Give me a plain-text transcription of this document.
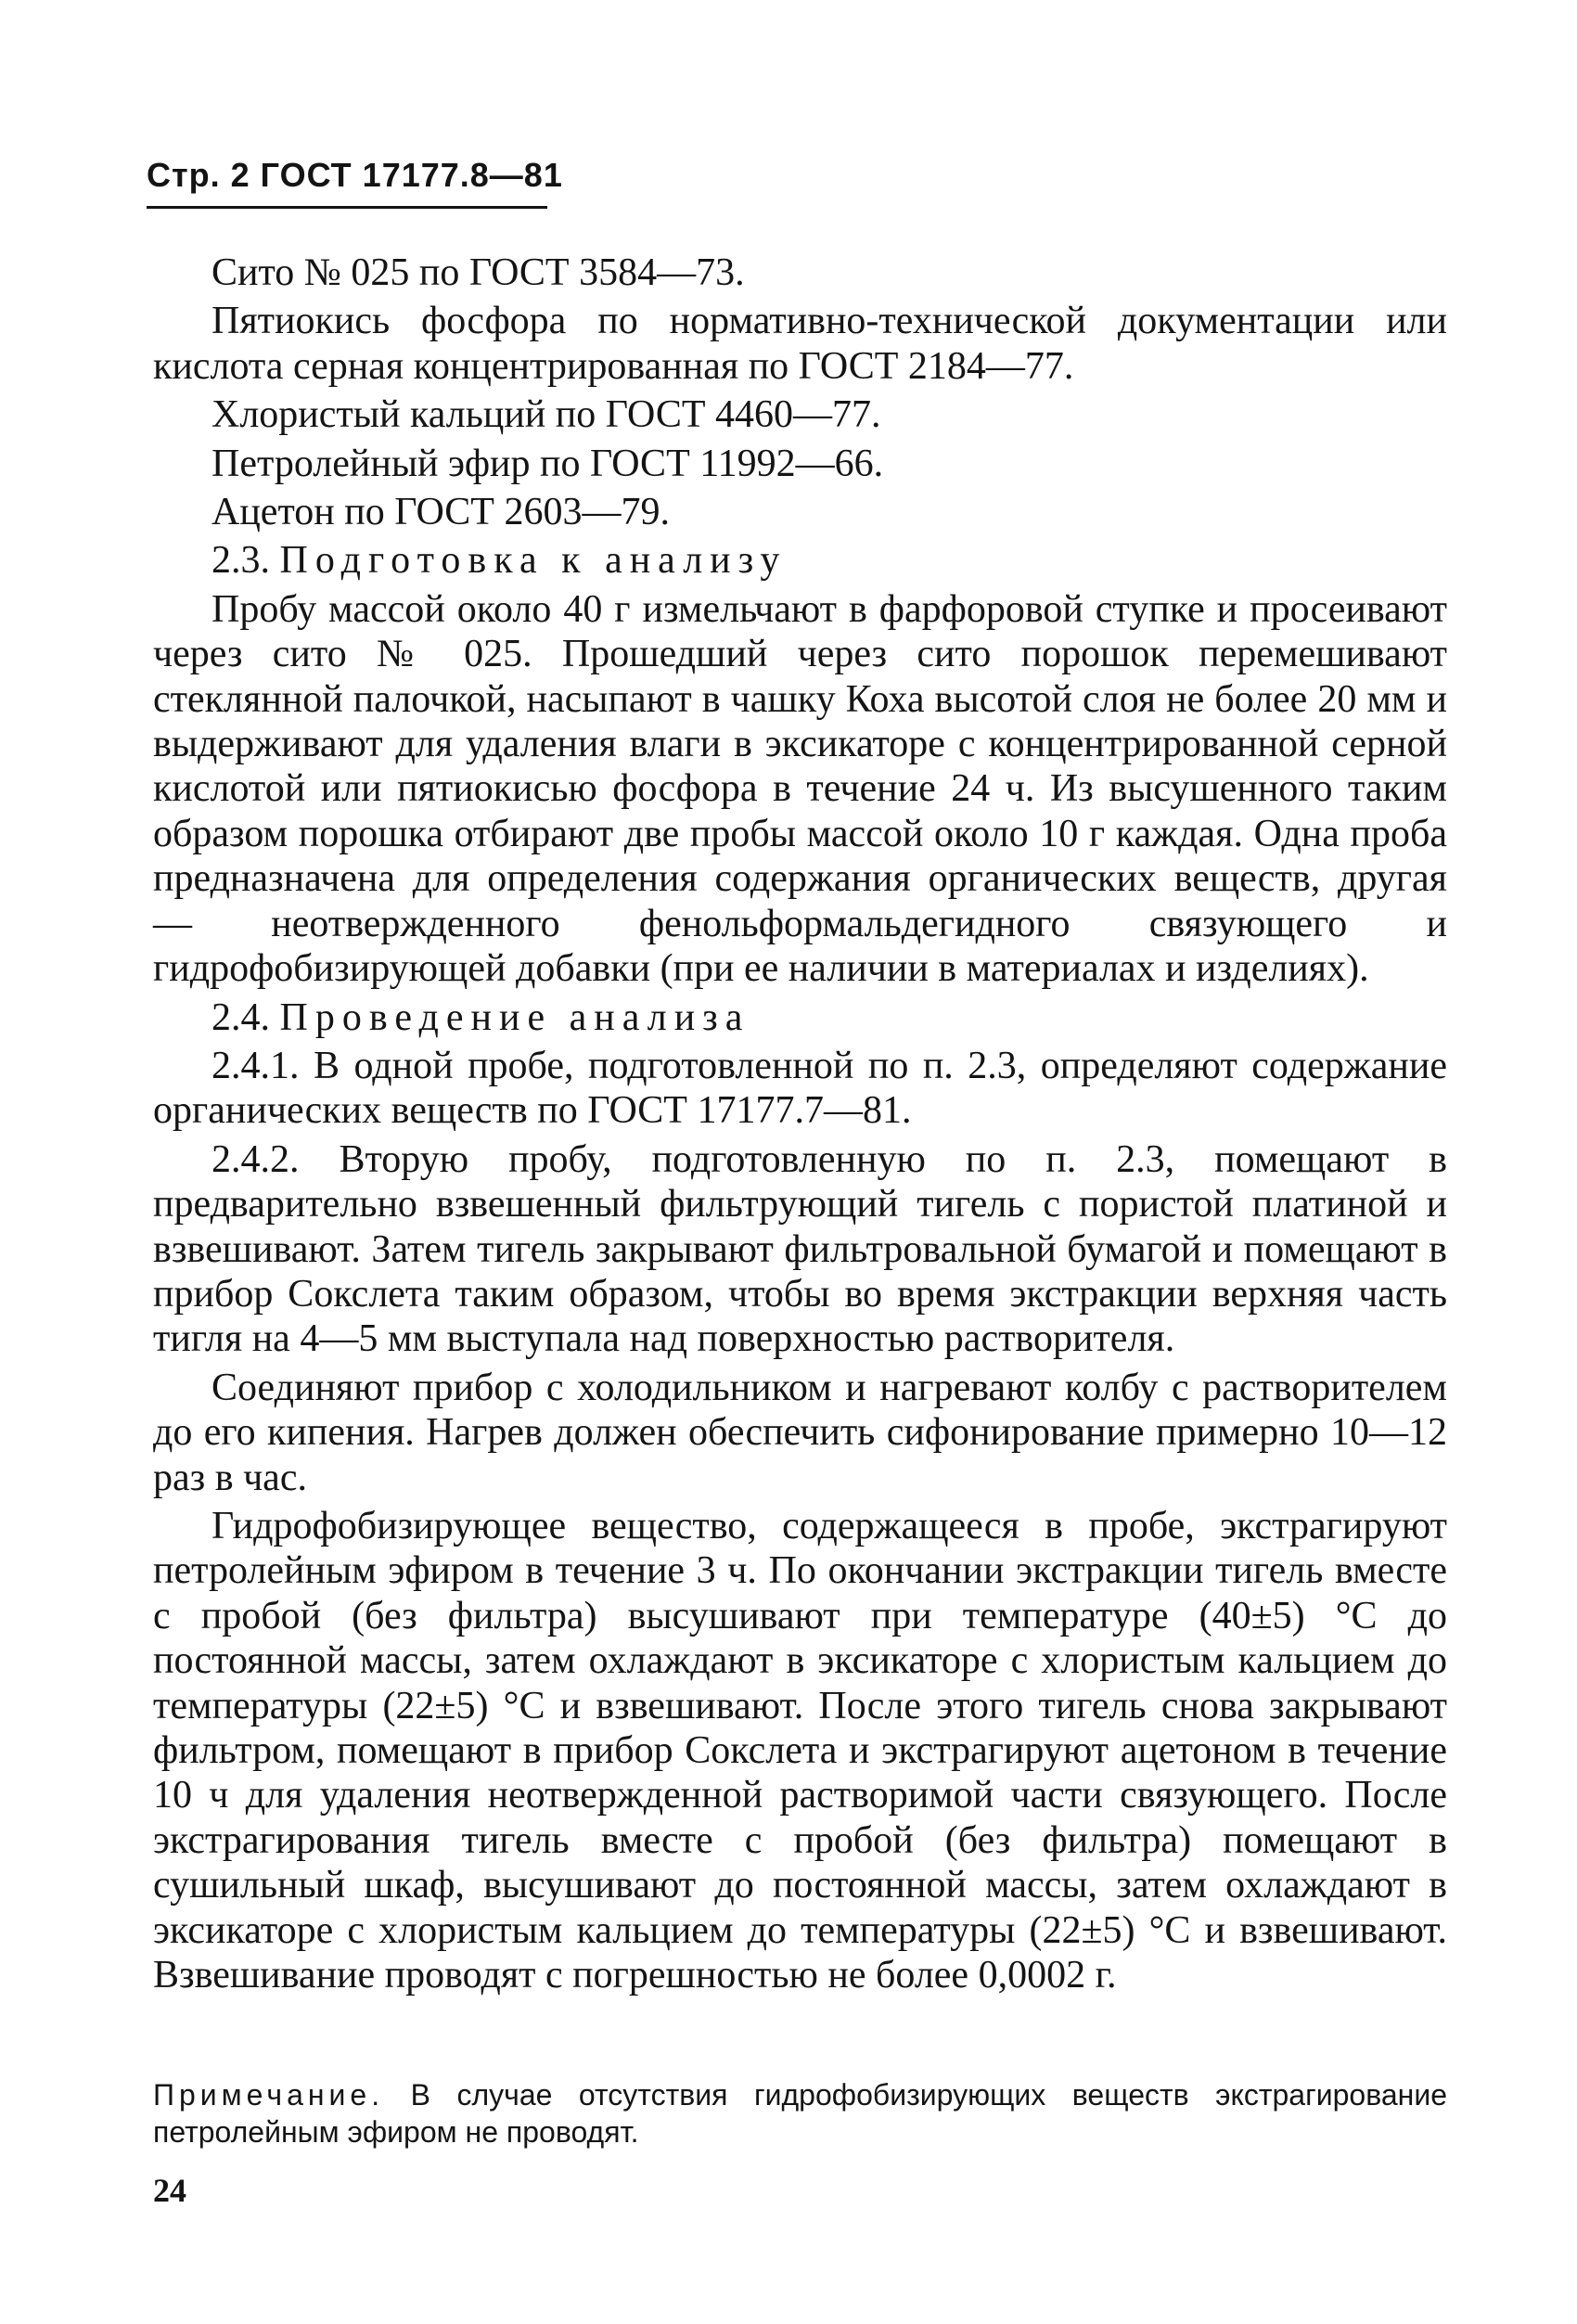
Стр. 2 ГОСТ 17177.8—81

Сито № 025 по ГОСТ 3584—73.

Пятиокись фосфора по нормативно-технической документации или кислота серная концентрированная по ГОСТ 2184—77.

Хлористый кальций по ГОСТ 4460—77.

Петролейный эфир по ГОСТ 11992—66.

Ацетон по ГОСТ 2603—79.

2.3. Подготовка к анализу

Пробу массой около 40 г измельчают в фарфоровой ступке и просеивают через сито № 025. Прошедший через сито порошок перемешивают стеклянной палочкой, насыпают в чашку Коха высотой слоя не более 20 мм и выдерживают для удаления влаги в эксикаторе с концентрированной серной кислотой или пятиокисью фосфора в течение 24 ч. Из высушенного таким образом порошка отбирают две пробы массой около 10 г каждая. Одна проба предназначена для определения содержания органических веществ, другая — неотвержденного фенольформальдегидного связующего и гидрофобизирующей добавки (при ее наличии в материалах и изделиях).

2.4. Проведение анализа

2.4.1. В одной пробе, подготовленной по п. 2.3, определяют содержание органических веществ по ГОСТ 17177.7—81.

2.4.2. Вторую пробу, подготовленную по п. 2.3, помещают в предварительно взвешенный фильтрующий тигель с пористой платиной и взвешивают. Затем тигель закрывают фильтровальной бумагой и помещают в прибор Сокслета таким образом, чтобы во время экстракции верхняя часть тигля на 4—5 мм выступала над поверхностью растворителя.

Соединяют прибор с холодильником и нагревают колбу с растворителем до его кипения. Нагрев должен обеспечить сифонирование примерно 10—12 раз в час.

Гидрофобизирующее вещество, содержащееся в пробе, экстрагируют петролейным эфиром в течение 3 ч. По окончании экстракции тигель вместе с пробой (без фильтра) высушивают при температуре (40±5) °С до постоянной массы, затем охлаждают в эксикаторе с хлористым кальцием до температуры (22±5) °С и взвешивают. После этого тигель снова закрывают фильтром, помещают в прибор Сокслета и экстрагируют ацетоном в течение 10 ч для удаления неотвержденной растворимой части связующего. После экстрагирования тигель вместе с пробой (без фильтра) помещают в сушильный шкаф, высушивают до постоянной массы, затем охлаждают в эксикаторе с хлористым кальцием до температуры (22±5) °С и взвешивают. Взвешивание проводят с погрешностью не более 0,0002 г.

Примечание. В случае отсутствия гидрофобизирующих веществ экстрагирование петролейным эфиром не проводят.
24
